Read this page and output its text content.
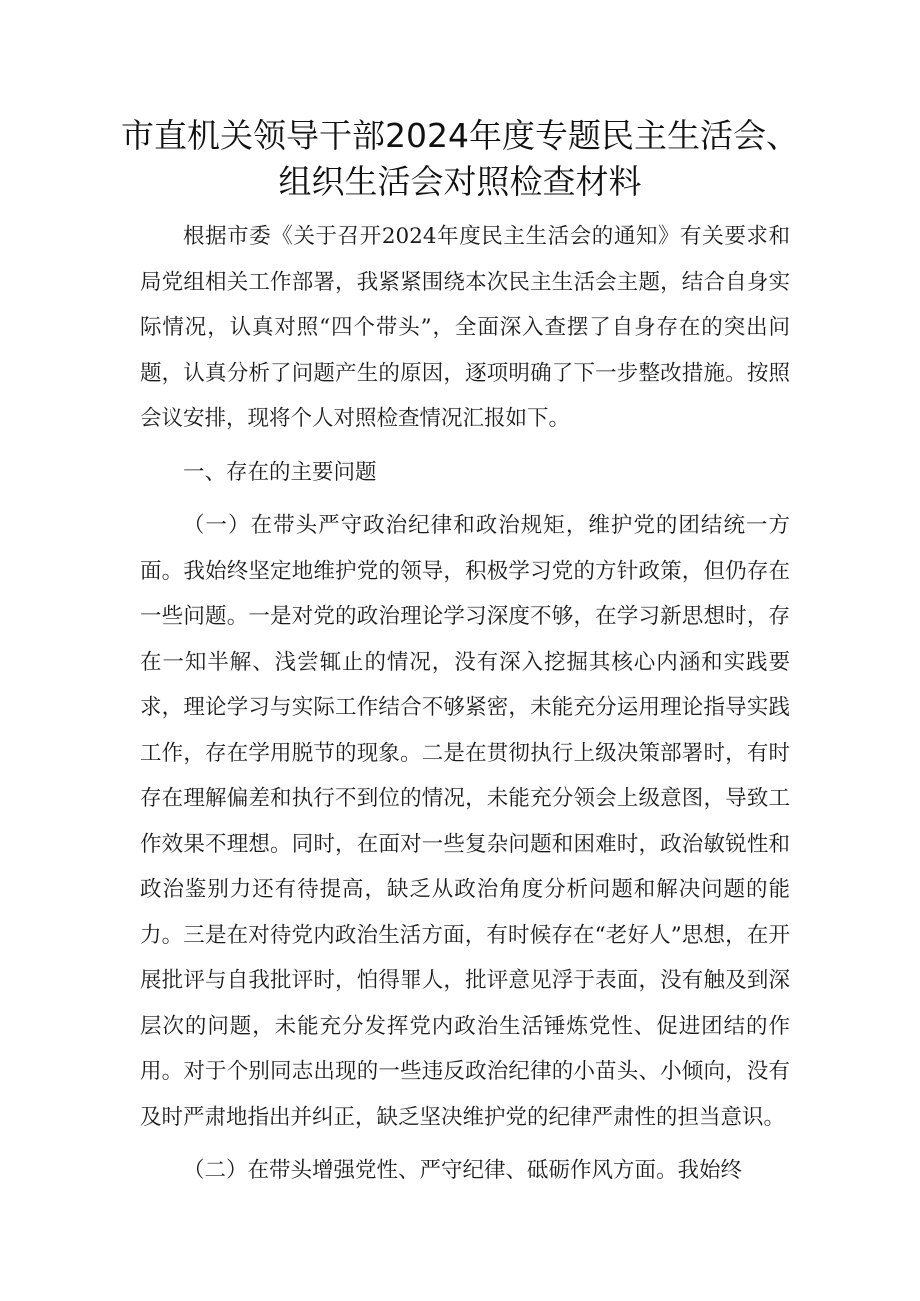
市直机关领导干部2024年度专题民主生活会、
组织生活会对照检查材料

根据市委《关于召开2024年度民主生活会的通知》有关要求和局党组相关工作部署，我紧紧围绕本次民主生活会主题，结合自身实际情况，认真对照“四个带头”，全面深入查摆了自身存在的突出问题，认真分析了问题产生的原因，逐项明确了下一步整改措施。按照会议安排，现将个人对照检查情况汇报如下。

一、存在的主要问题

（一）在带头严守政治纪律和政治规矩，维护党的团结统一方面。我始终坚定地维护党的领导，积极学习党的方针政策，但仍存在一些问题。一是对党的政治理论学习深度不够，在学习新思想时，存在一知半解、浅尝辄止的情况，没有深入挖掘其核心内涵和实践要求，理论学习与实际工作结合不够紧密，未能充分运用理论指导实践工作，存在学用脱节的现象。二是在贯彻执行上级决策部署时，有时存在理解偏差和执行不到位的情况，未能充分领会上级意图，导致工作效果不理想。同时，在面对一些复杂问题和困难时，政治敏锐性和政治鉴别力还有待提高，缺乏从政治角度分析问题和解决问题的能力。三是在对待党内政治生活方面，有时候存在“老好人”思想，在开展批评与自我批评时，怕得罪人，批评意见浮于表面，没有触及到深层次的问题，未能充分发挥党内政治生活锤炼党性、促进团结的作用。对于个别同志出现的一些违反政治纪律的小苗头、小倾向，没有及时严肃地指出并纠正，缺乏坚决维护党的纪律严肃性的担当意识。

（二）在带头增强党性、严守纪律、砥砺作风方面。我始终
